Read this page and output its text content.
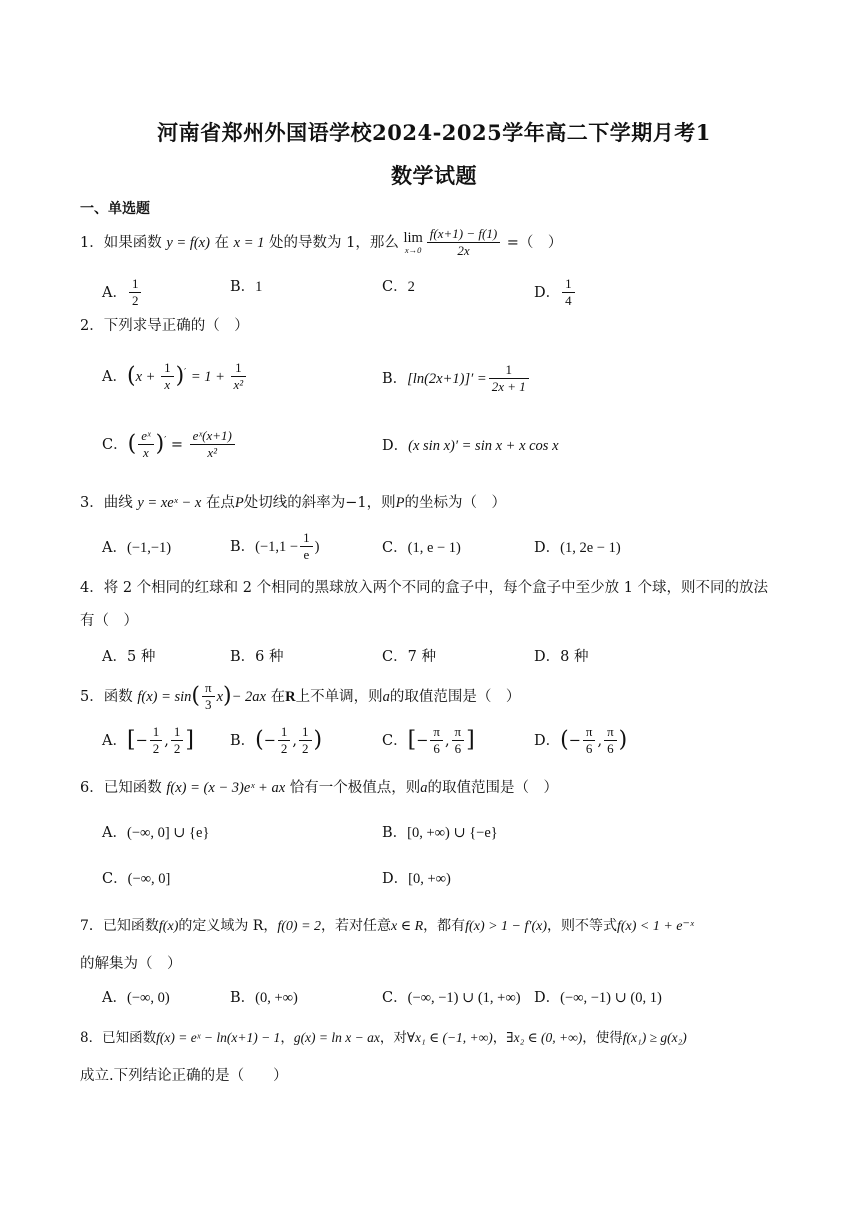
河南省郑州外国语学校2024-2025学年高二下学期月考1
数学试题
一、单选题
1．如果函数 y = f(x) 在 x = 1 处的导数为 1，那么 lim
$x\to 0 \frac{f(x+1) - f(1)}{2x}$ =（　）
A． $\frac{1}{2}$	B．1	C．2	D． $\frac{1}{4}$
2．下列求导正确的（　）
A．$(x + \frac{1}{x} )' = 1 + \frac{1}{\text{x²}}$	B．$[\ln(2x+1)]' = \frac{1}{2x + 1}$
C．( $\frac{\text{eˣ}}{x} )' = \frac{\text{eˣ(x+1)}}{\text{x²}}$	D．(x sin x)′ = sin x + x cos x
3．曲线 y = xeˣ − x 在点P处切线的斜率为−1，则P的坐标为（　）
A．(−1,−1)	B．($-1,1 - \frac{1}{e}$ )	C．(1, e − 1)	D．(1, 2e − 1)
4．将 2 个相同的红球和 2 个相同的黑球放入两个不同的盒子中，每个盒子中至少放 1 个球，则不同的放法
有（　）
A．5 种	B．6 种	C．7 种	D．8 种
5．函数 $f(x) = \sin( \frac{\pi}{3} x)- 2ax$ 在R上不单调，则a的取值范围是（　）
A．[− $\frac{1}{2}$ , $\frac{1}{2}$ ] B．(− $\frac{1}{2}$ , $\frac{1}{2}$ )	C．[− $\frac{\pi}{6}$ , $\frac{\pi}{6}$ ]	D．(− $\frac{\pi}{6}$ , $\frac{\pi}{6}$ )
6．已知函数 f(x) = (x − 3)eˣ + ax 恰有一个极值点，则a的取值范围是（　）
A．(−∞, 0] ∪ {e}	B．[0, +∞) ∪ {−e}
C．(−∞, 0]	D．[0, +∞)
7．已知函数f(x)的定义域为 R，f(0) = 2，若对任意x ∈ R，都有f(x) > 1 − f′(x)，则不等式f(x) < 1 + e⁻ˣ
的解集为（　）
A．(−∞, 0)	B．(0, +∞)	C．(−∞, −1) ∪ (1, +∞) D．(−∞, −1) ∪ (0, 1)
8．已知函数f(x) = eˣ − ln(x+1) − 1，g(x) = ln x − ax，对∀x₁ ∈ (−1, +∞)，∃x₂ ∈ (0, +∞)，使得f(x₁) ≥ g(x₂)
成立.下列结论正确的是（　　）
